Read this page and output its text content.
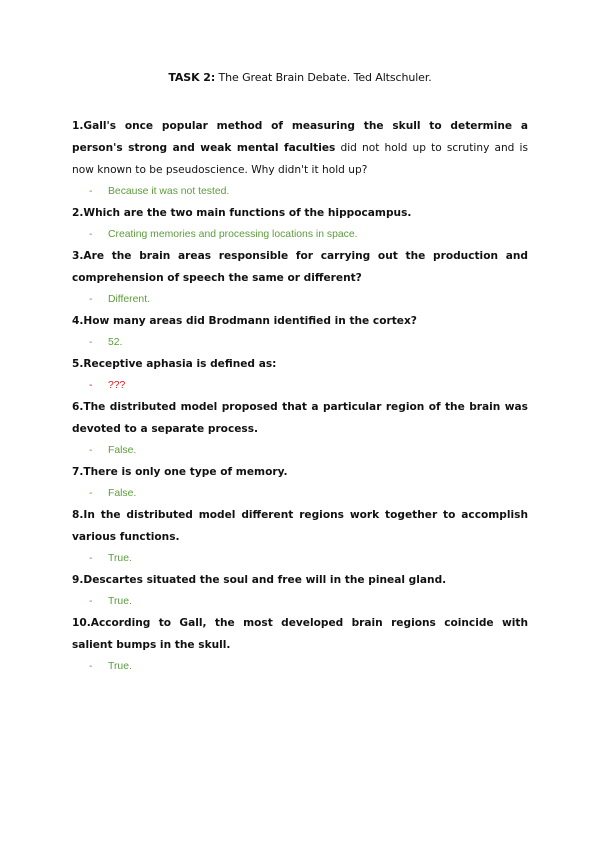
TASK 2: The Great Brain Debate. Ted Altschuler.

1.Gall's once popular method of measuring the skull to determine a person's strong and weak mental faculties did not hold up to scrutiny and is now known to be pseudoscience. Why didn't it hold up?

- Because it was not tested.

2.Which are the two main functions of the hippocampus.

- Creating memories and processing locations in space.

3.Are the brain areas responsible for carrying out the production and comprehension of speech the same or different?

- Different.

4.How many areas did Brodmann identified in the cortex?

- 52.

5.Receptive aphasia is defined as:

- ???

6.The distributed model proposed that a particular region of the brain was devoted to a separate process.

- False.

7.There is only one type of memory.

- False.

8.In the distributed model different regions work together to accomplish various functions.

- True.

9.Descartes situated the soul and free will in the pineal gland.

- True.

10.According to Gall, the most developed brain regions coincide with salient bumps in the skull.

- True.
